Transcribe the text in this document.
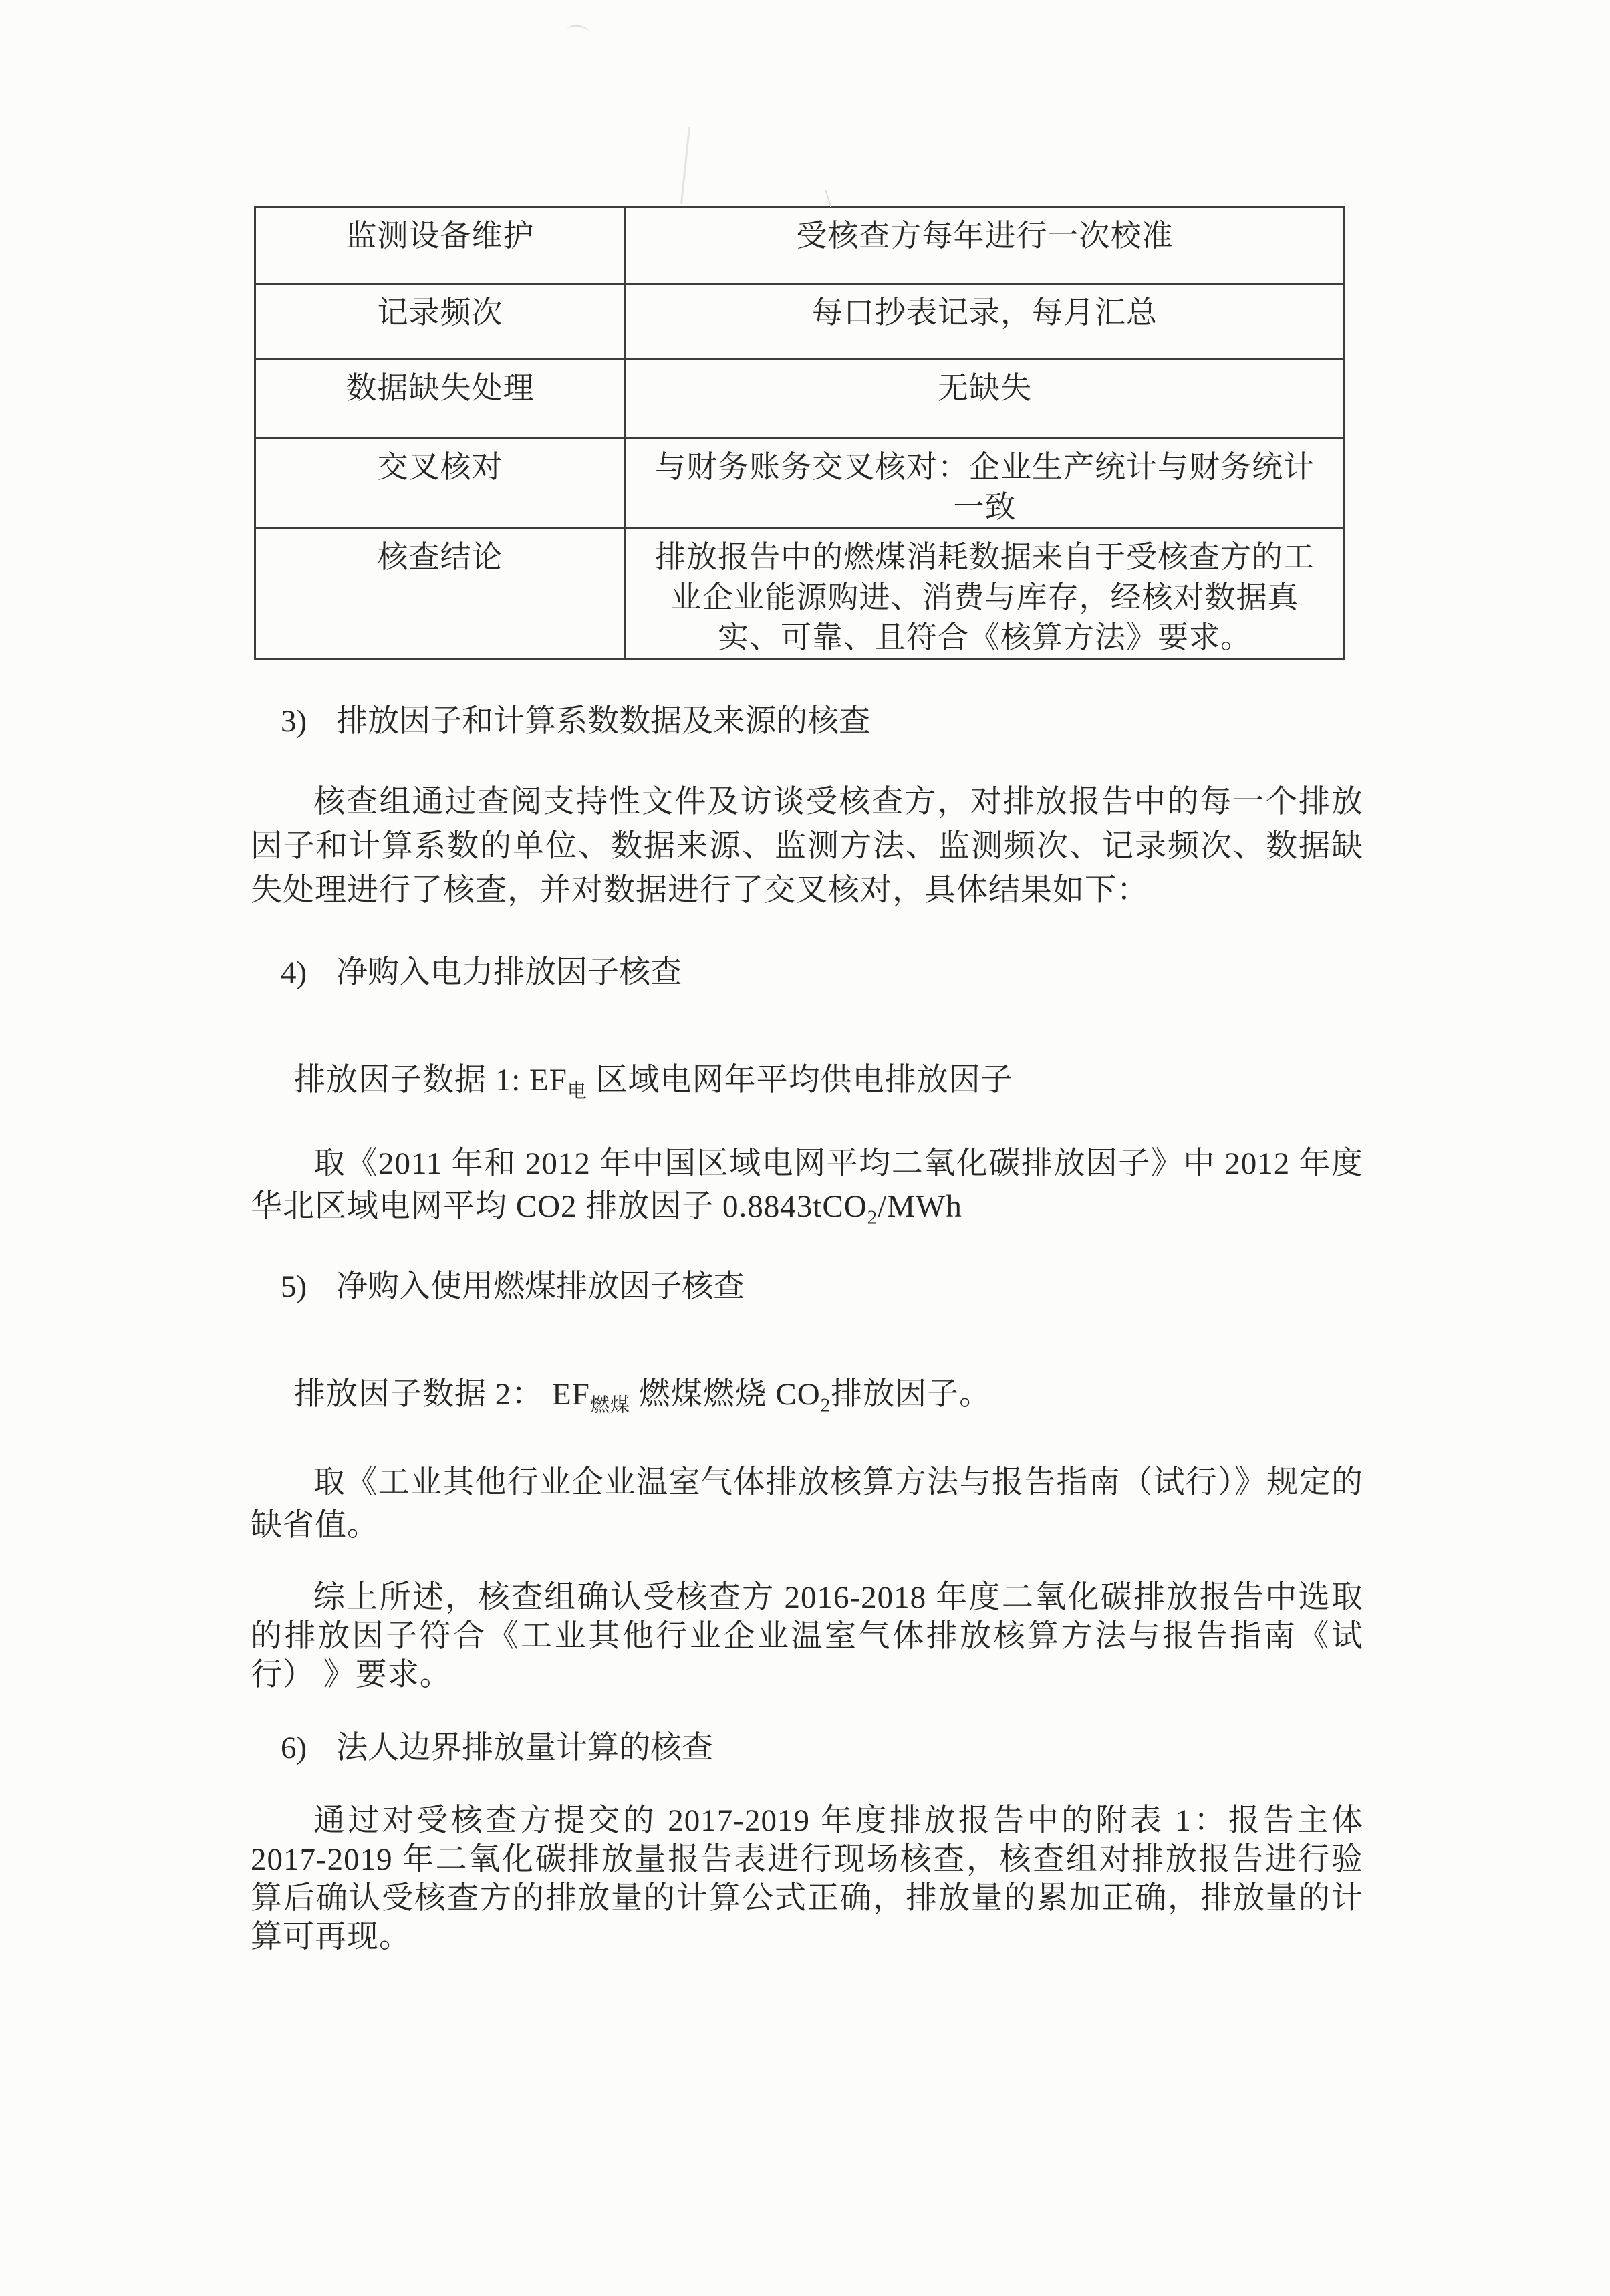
监测设备维护	受核查方每年进行一次校准
记录频次	每口抄表记录，每月汇总
数据缺失处理	无缺失
交叉核对	与财务账务交叉核对：企业生产统计与财务统计一致
核查结论	排放报告中的燃煤消耗数据来自于受核查方的工业企业能源购进、消费与库存，经核对数据真实、可靠、且符合《核算方法》要求。
3) 排放因子和计算系数数据及来源的核查

核查组通过查阅支持性文件及访谈受核查方，对排放报告中的每一个排放因子和计算系数的单位、数据来源、监测方法、监测频次、记录频次、数据缺失处理进行了核查，并对数据进行了交叉核对，具体结果如下：

4) 净购入电力排放因子核查
排放因子数据 1: $EF_电$ 区域电网年平均供电排放因子

取《2011 年和 2012 年中国区域电网平均二氧化碳排放因子》中 2012 年度华北区域电网平均 CO2 排放因子 0.8843tCO$_2$/MWh

5) 净购入使用燃煤排放因子核查
排放因子数据 2： $EF_{燃煤}$ 燃煤燃烧 $CO_2$排放因子。

取《工业其他行业企业温室气体排放核算方法与报告指南（试行）》规定的缺省值。

综上所述，核查组确认受核查方 2016-2018 年度二氧化碳排放报告中选取的排放因子符合《工业其他行业企业温室气体排放核算方法与报告指南《试行） 》要求。

6) 法人边界排放量计算的核查

通过对受核查方提交的 2017-2019 年度排放报告中的附表 1：报告主体 2017-2019 年二氧化碳排放量报告表进行现场核查，核查组对排放报告进行验算后确认受核查方的排放量的计算公式正确，排放量的累加正确，排放量的计算可再现。
